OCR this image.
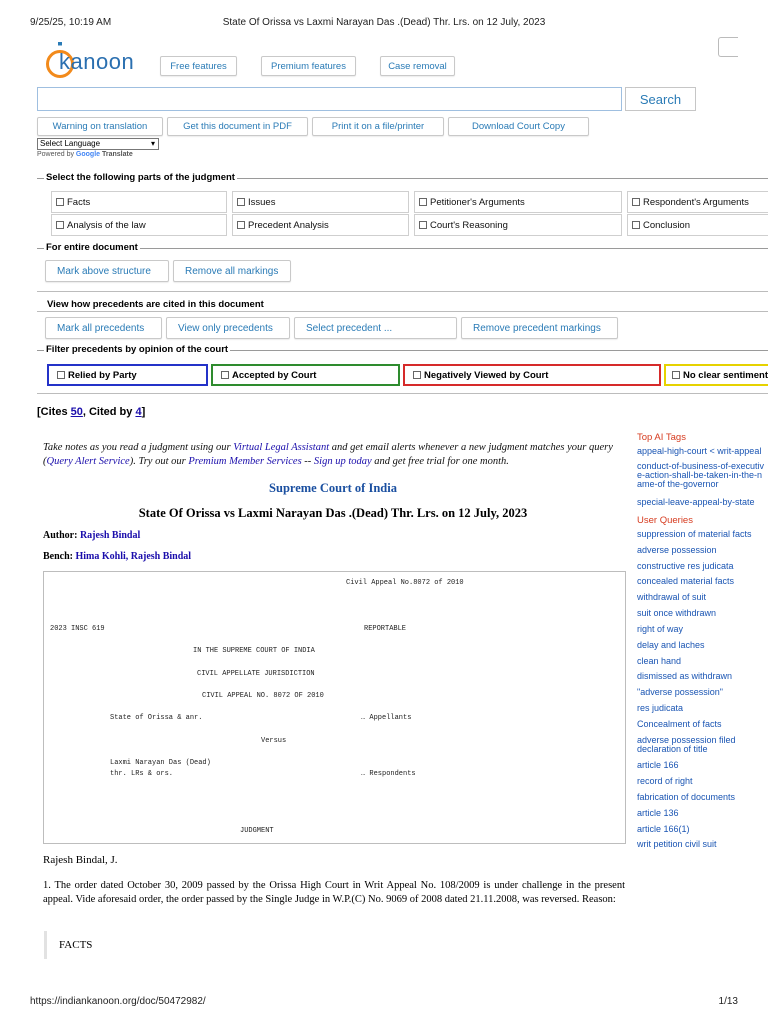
9/25/25, 10:19 AM	State Of Orissa vs Laxmi Narayan Das .(Dead) Thr. Lrs. on 12 July, 2023
kanoon	Free features	Premium features	Case removal
Search
Warning on translation	Get this document in PDF	Print it on a file/printer	Download Court Copy
Select Language	▾
Powered by Google Translate
Select the following parts of the judgment
Facts	Issues	Petitioner's Arguments	Respondent's Arguments
Analysis of the law	Precedent Analysis	Court's Reasoning	Conclusion
For entire document
Mark above structure	Remove all markings
View how precedents are cited in this document
Mark all precedents	View only precedents	Select precedent ...	Remove precedent markings
Filter precedents by opinion of the court
Relied by Party	Accepted by Court	Negatively Viewed by Court	No clear sentiment
[Cites 50, Cited by 4]
Take notes as you read a judgment using our Virtual Legal Assistant and get email alerts whenever a new judgment matches your query (Query Alert Service). Try out our Premium Member Services -- Sign up today and get free trial for one month.
Supreme Court of India
State Of Orissa vs Laxmi Narayan Das .(Dead) Thr. Lrs. on 12 July, 2023
Author: Rajesh Bindal
Bench: Hima Kohli, Rajesh Bindal
Civil Appeal No.8072 of 2010
2023 INSC 619	REPORTABLE
IN THE SUPREME COURT OF INDIA
CIVIL APPELLATE JURISDICTION
CIVIL APPEAL NO. 8072 OF 2010
State of Orissa & anr.	… Appellants
Versus
Laxmi Narayan Das (Dead)
thr. LRs & ors.	… Respondents
JUDGMENT
Rajesh Bindal, J.
1. The order dated October 30, 2009 passed by the Orissa High Court in Writ Appeal No. 108/2009 is under challenge in the present appeal. Vide aforesaid order, the order passed by the Single Judge in W.P.(C) No. 9069 of 2008 dated 21.11.2008, was reversed. Reason:
FACTS
Top AI Tags
appeal-high-court < writ-appeal
conduct-of-business-of-executive-action-shall-be-taken-in-the-name-of the-governor
special-leave-appeal-by-state
User Queries
suppression of material facts
adverse possession
constructive res judicata
concealed material facts
withdrawal of suit
suit once withdrawn
right of way
delay and laches
clean hand
dismissed as withdrawn
"adverse possession"
res judicata
Concealment of facts
adverse possession filed declaration of title
article 166
record of right
fabrication of documents
article 136
article 166(1)
writ petition civil suit
https://indiankanoon.org/doc/50472982/	1/13
